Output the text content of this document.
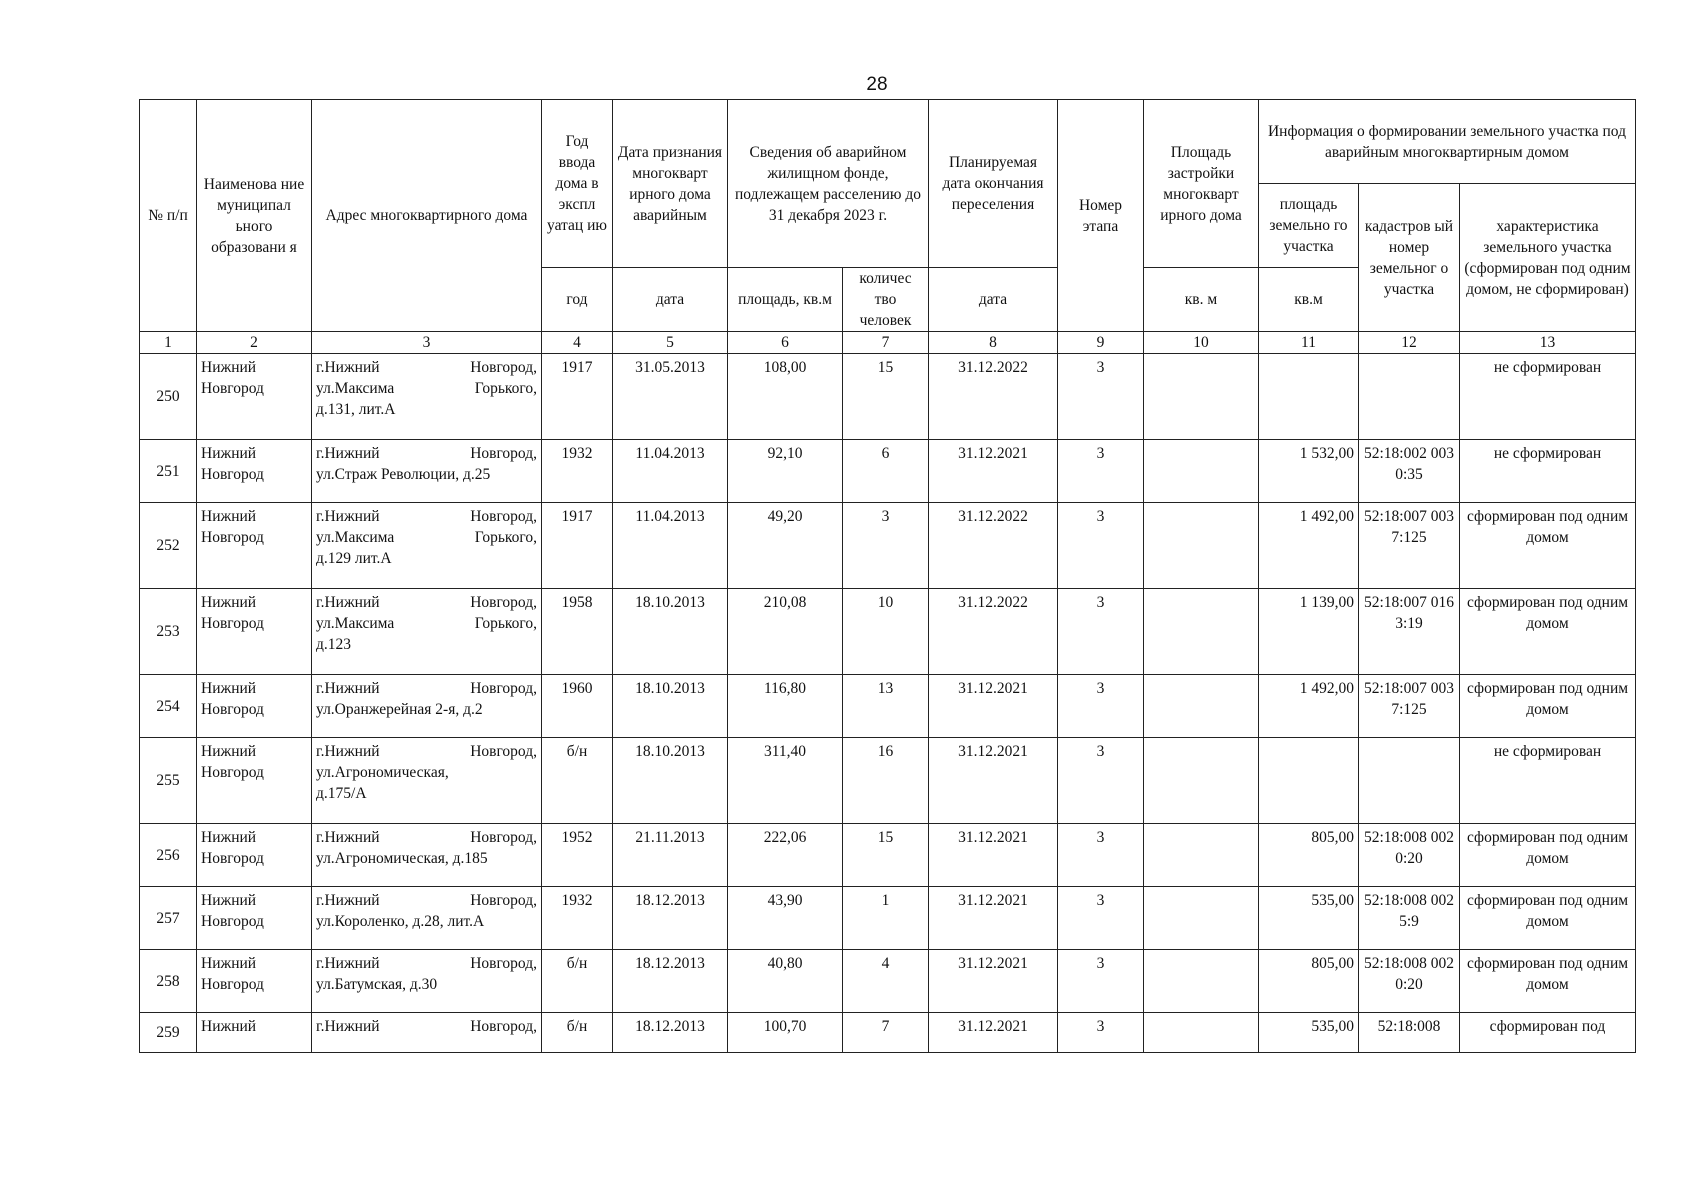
28
№ п/п	Наименова ние муниципал ьного образовани я	Адрес многоквартирного дома	Год ввода дома в экспл уатац ию	Дата признания многокварт ирного дома аварийным	Сведения об аварийном жилищном фонде, подлежащем расселению до 31 декабря 2023 г.		Планируемая дата окончания переселения	Номер этапа	Площадь застройки многокварт ирного дома	Информация о формировании земельного участка под аварийным многоквартирным домом		
										площадь земельно го участка	кадастров ый номер земельног о участка	характеристика земельного участка (сформирован под одним домом, не сформирован)
			год	дата	площадь, кв.м	количес тво человек	дата		кв. м	кв.м		
1	2	3	4	5	6	7	8	9	10	11	12	13
250	Нижний Новгород	г.Нижний Новгород,
ул.Максима Горького,
д.131, лит.А	1917	31.05.2013	108,00	15	31.12.2022	3				не сформирован
251	Нижний Новгород	г.Нижний Новгород,
ул.Страж Революции, д.25	1932	11.04.2013	92,10	6	31.12.2021	3		1 532,00	52:18:002 0030:35	не сформирован
252	Нижний Новгород	г.Нижний Новгород,
ул.Максима Горького,
д.129 лит.А	1917	11.04.2013	49,20	3	31.12.2022	3		1 492,00	52:18:007 0037:125	сформирован под одним домом
253	Нижний Новгород	г.Нижний Новгород,
ул.Максима Горького,
д.123	1958	18.10.2013	210,08	10	31.12.2022	3		1 139,00	52:18:007 0163:19	сформирован под одним домом
254	Нижний Новгород	г.Нижний Новгород,
ул.Оранжерейная 2-я, д.2	1960	18.10.2013	116,80	13	31.12.2021	3		1 492,00	52:18:007 0037:125	сформирован под одним домом
255	Нижний Новгород	г.Нижний Новгород,
ул.Агрономическая,
д.175/А	б/н	18.10.2013	311,40	16	31.12.2021	3				не сформирован
256	Нижний Новгород	г.Нижний Новгород,
ул.Агрономическая, д.185	1952	21.11.2013	222,06	15	31.12.2021	3		805,00	52:18:008 0020:20	сформирован под одним домом
257	Нижний Новгород	г.Нижний Новгород,
ул.Короленко, д.28, лит.А	1932	18.12.2013	43,90	1	31.12.2021	3		535,00	52:18:008 0025:9	сформирован под одним домом
258	Нижний Новгород	г.Нижний Новгород,
ул.Батумская, д.30	б/н	18.12.2013	40,80	4	31.12.2021	3		805,00	52:18:008 0020:20	сформирован под одним домом
259	Нижний	г.Нижний Новгород,	б/н	18.12.2013	100,70	7	31.12.2021	3		535,00	52:18:008	сформирован под
